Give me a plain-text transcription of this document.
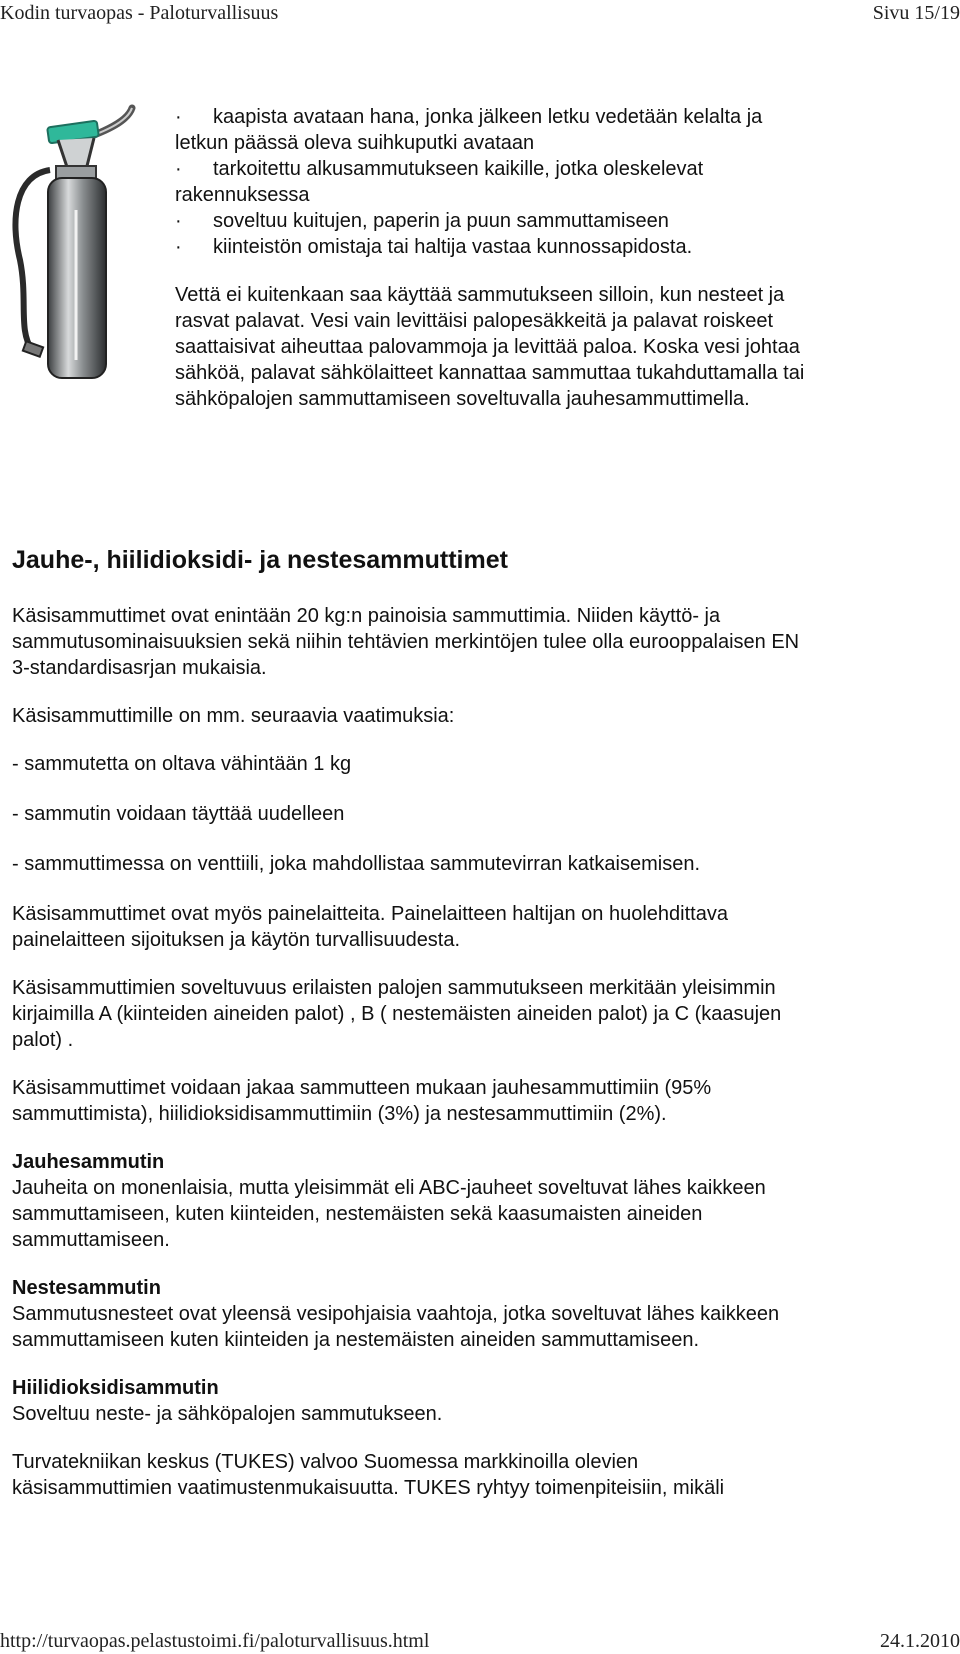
Kodin turvaopas - Paloturvallisuus	Sivu 15/19
· kaapista avataan hana, jonka jälkeen letku vedetään kelalta ja
letkun päässä oleva suihkuputki avataan
· tarkoitettu alkusammutukseen kaikille, jotka oleskelevat
rakennuksessa
· soveltuu kuitujen, paperin ja puun sammuttamiseen
· kiinteistön omistaja tai haltija vastaa kunnossapidosta.

Vettä ei kuitenkaan saa käyttää sammutukseen silloin, kun nesteet ja
rasvat palavat. Vesi vain levittäisi palopesäkkeitä ja palavat roiskeet
saattaisivat aiheuttaa palovammoja ja levittää paloa. Koska vesi johtaa
sähköä, palavat sähkölaitteet kannattaa sammuttaa tukahduttamalla tai
sähköpalojen sammuttamiseen soveltuvalla jauhesammuttimella.

Jauhe-, hiilidioksidi- ja nestesammuttimet

Käsisammuttimet ovat enintään 20 kg:n painoisia sammuttimia. Niiden käyttö- ja
sammutusominaisuuksien sekä niihin tehtävien merkintöjen tulee olla eurooppalaisen EN
3-standardisasrjan mukaisia.

Käsisammuttimille on mm. seuraavia vaatimuksia:

- sammutetta on oltava vähintään 1 kg

- sammutin voidaan täyttää uudelleen

- sammuttimessa on venttiili, joka mahdollistaa sammutevirran katkaisemisen.

Käsisammuttimet ovat myös painelaitteita. Painelaitteen haltijan on huolehdittava
painelaitteen sijoituksen ja käytön turvallisuudesta.

Käsisammuttimien soveltuvuus erilaisten palojen sammutukseen merkitään yleisimmin
kirjaimilla A (kiinteiden aineiden palot) , B ( nestemäisten aineiden palot) ja C (kaasujen
palot) .

Käsisammuttimet voidaan jakaa sammutteen mukaan jauhesammuttimiin (95%
sammuttimista), hiilidioksidisammuttimiin (3%) ja nestesammuttimiin (2%).

Jauhesammutin
Jauheita on monenlaisia, mutta yleisimmät eli ABC-jauheet soveltuvat lähes kaikkeen
sammuttamiseen, kuten kiinteiden, nestemäisten sekä kaasumaisten aineiden
sammuttamiseen.

Nestesammutin
Sammutusnesteet ovat yleensä vesipohjaisia vaahtoja, jotka soveltuvat lähes kaikkeen
sammuttamiseen kuten kiinteiden ja nestemäisten aineiden sammuttamiseen.

Hiilidioksidisammutin
Soveltuu neste- ja sähköpalojen sammutukseen.

Turvatekniikan keskus (TUKES) valvoo Suomessa markkinoilla olevien
käsisammuttimien vaatimustenmukaisuutta. TUKES ryhtyy toimenpiteisiin, mikäli

http://turvaopas.pelastustoimi.fi/paloturvallisuus.html	24.1.2010
